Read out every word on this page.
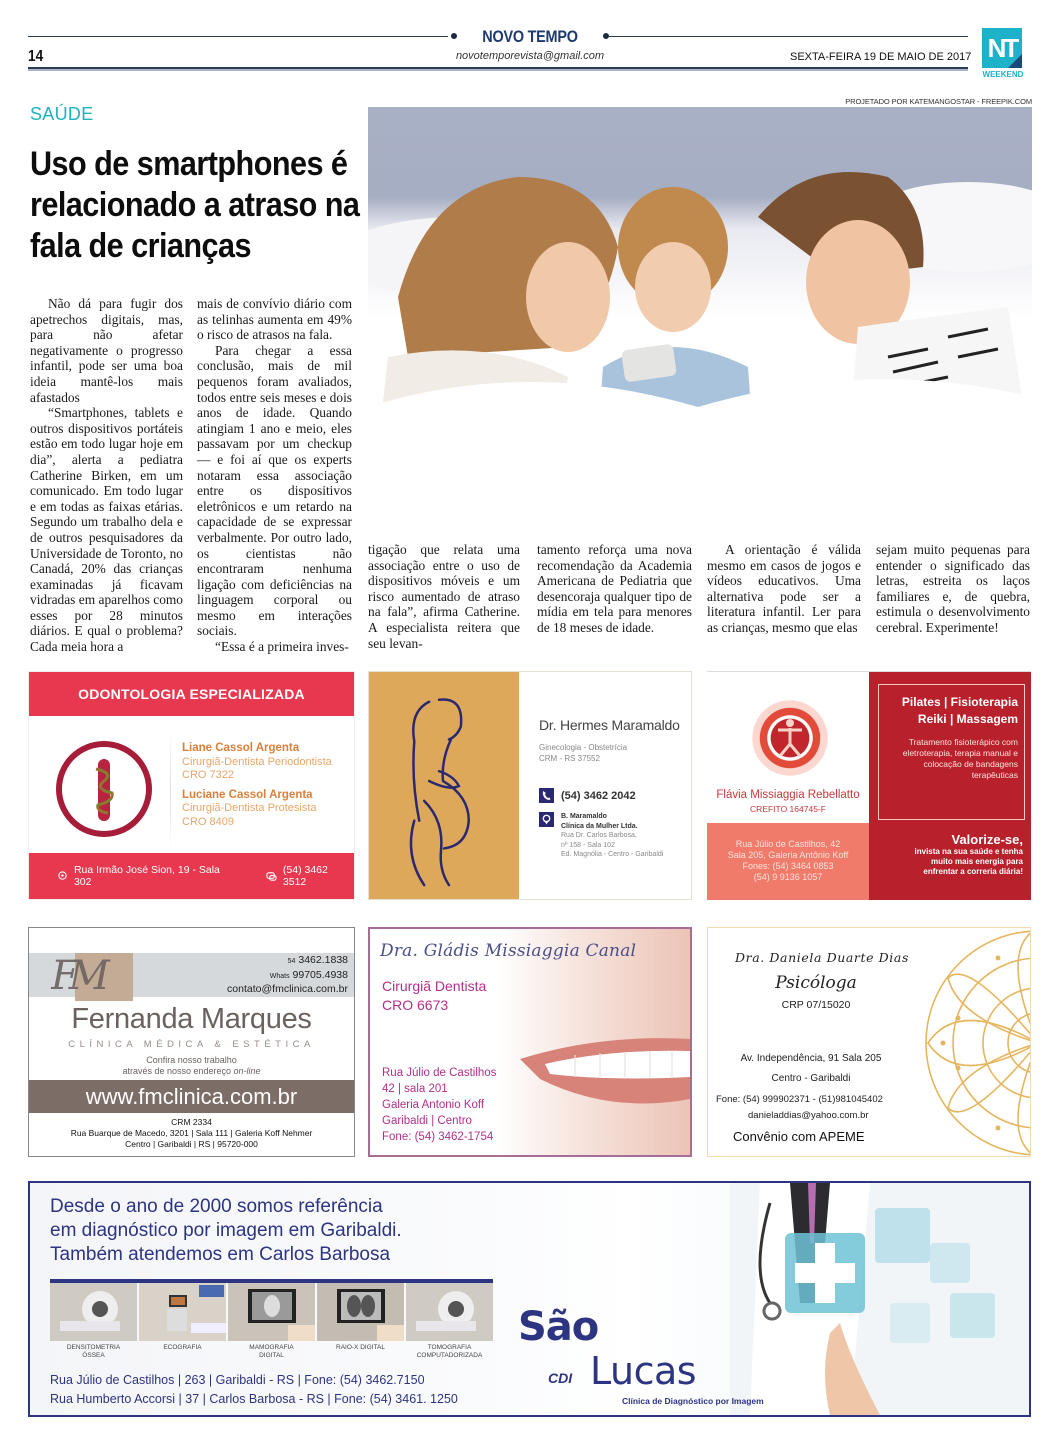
NOVO TEMPO
14	novotemporevista@gmail.com	SEXTA-FEIRA 19 DE MAIO DE 2017 NT
WEEKEND
SAÚDE
Uso de smartphones é relacionado a atraso na fala de crianças
PROJETADO POR KATEMANGOSTAR - FREEPIK.COM

Não dá para fugir dos apetrechos digitais, mas, para não afetar negativamente o progresso infantil, pode ser uma boa ideia mantê-los mais afastados

“Smartphones, tablets e outros dispositivos portáteis estão em todo lugar hoje em dia”, alerta a pediatra Catherine Birken, em um comunicado. Em todo lugar e em todas as faixas etárias. Segundo um trabalho dela e de outros pesquisadores da Universidade de Toronto, no Canadá, 20% das crianças examinadas já ficavam vidradas em aparelhos como esses por 28 minutos diários. E qual o problema? Cada meia hora a

mais de convívio diário com as telinhas aumenta em 49% o risco de atrasos na fala.

Para chegar a essa conclusão, mais de mil pequenos foram avaliados, todos entre seis meses e dois anos de idade. Quando atingiam 1 ano e meio, eles passavam por um checkup — e foi aí que os experts notaram essa associação entre os dispositivos eletrônicos e um retardo na capacidade de se expressar verbalmente. Por outro lado, os cientistas não encontraram nenhuma ligação com deficiências na linguagem corporal ou mesmo em interações sociais.

“Essa é a primeira inves-

tigação que relata uma associação entre o uso de dispositivos móveis e um risco aumentado de atraso na fala”, afirma Catherine. A especialista reitera que seu levan-

tamento reforça uma nova recomendação da Academia Americana de Pediatria que desencoraja qualquer tipo de mídia em tela para menores de 18 meses de idade.

A orientação é válida mesmo em casos de jogos e vídeos educativos. Uma alternativa pode ser a literatura infantil. Ler para as crianças, mesmo que elas

sejam muito pequenas para entender o significado das letras, estreita os laços familiares e, de quebra, estimula o desenvolvimento cerebral. Experimente!

ODONTOLOGIA ESPECIALIZADA
Liane Cassol Argenta
Cirurgiã-Dentista Periodontista
CRO 7322
Luciane Cassol Argenta
Cirurgiã-Dentista Protesista
CRO 8409
Rua Irmão José Sion, 19 - Sala 302
(54) 3462 3512
Dr. Hermes Maramaldo
Ginecologia - Obstetrícia
CRM - RS 37552
(54) 3462 2042
B. Maramaldo
Clínica da Mulher Ltda.
Rua Dr. Carlos Barbosa,
nº 158 - Sala 102
Ed. Magnólia - Centro - Garibaldi
Flávia Missiaggia Rebellatto
CREFITO 164745-F
Rua Júlio de Castilhos, 42
Sala 205, Galeria Antônio Koff
Fones: (54) 3464 0853
(54) 9 9136 1057
Pilates | Fisioterapia
Reiki | Massagem
Tratamento fisioterápico com eletroterapia, terapia manual e colocação de bandagens terapêuticas
Valorize-se,
invista na sua saúde e tenha
muito mais energia para
enfrentar a correria diária!
FM	54 3462.1838
Whats 99705.4938
contato@fmclinica.com.br
Fernanda Marques
CLÍNICA MÉDICA & ESTÉTICA
Confira nosso trabalho
através de nosso endereço on-line
www.fmclinica.com.br
CRM 2334
Rua Buarque de Macedo, 3201 | Sala 111 | Galeria Koff Nehmer
Centro | Garibaldi | RS | 95720-000
Dra. Gládis Missiaggia Canal
Cirurgiã Dentista
CRO 6673
Rua Júlio de Castilhos
42 | sala 201
Galeria Antonio Koff
Garibaldi | Centro
Fone: (54) 3462-1754
Dra. Daniela Duarte Dias
Psicóloga
CRP 07/15020
Av. Independência, 91 Sala 205
Centro - Garibaldi
Fone: (54) 999902371 - (51)981045402
danieladdias@yahoo.com.br
Convênio com APEME
Desde o ano de 2000 somos referência
em diagnóstico por imagem em Garibaldi.
Também atendemos em Carlos Barbosa
DENSITOMETRIA
ÓSSEA
ECOGRAFIA	MAMOGRAFIA
DIGITAL
RAIO-X DIGITAL	TOMOGRAFIA
COMPUTADORIZADA
Rua Júlio de Castilhos | 263 | Garibaldi - RS | Fone: (54) 3462.7150
Rua Humberto Accorsi | 37 | Carlos Barbosa - RS | Fone: (54) 3461. 1250
São
CDI Lucas
Clínica de Diagnóstico por Imagem
